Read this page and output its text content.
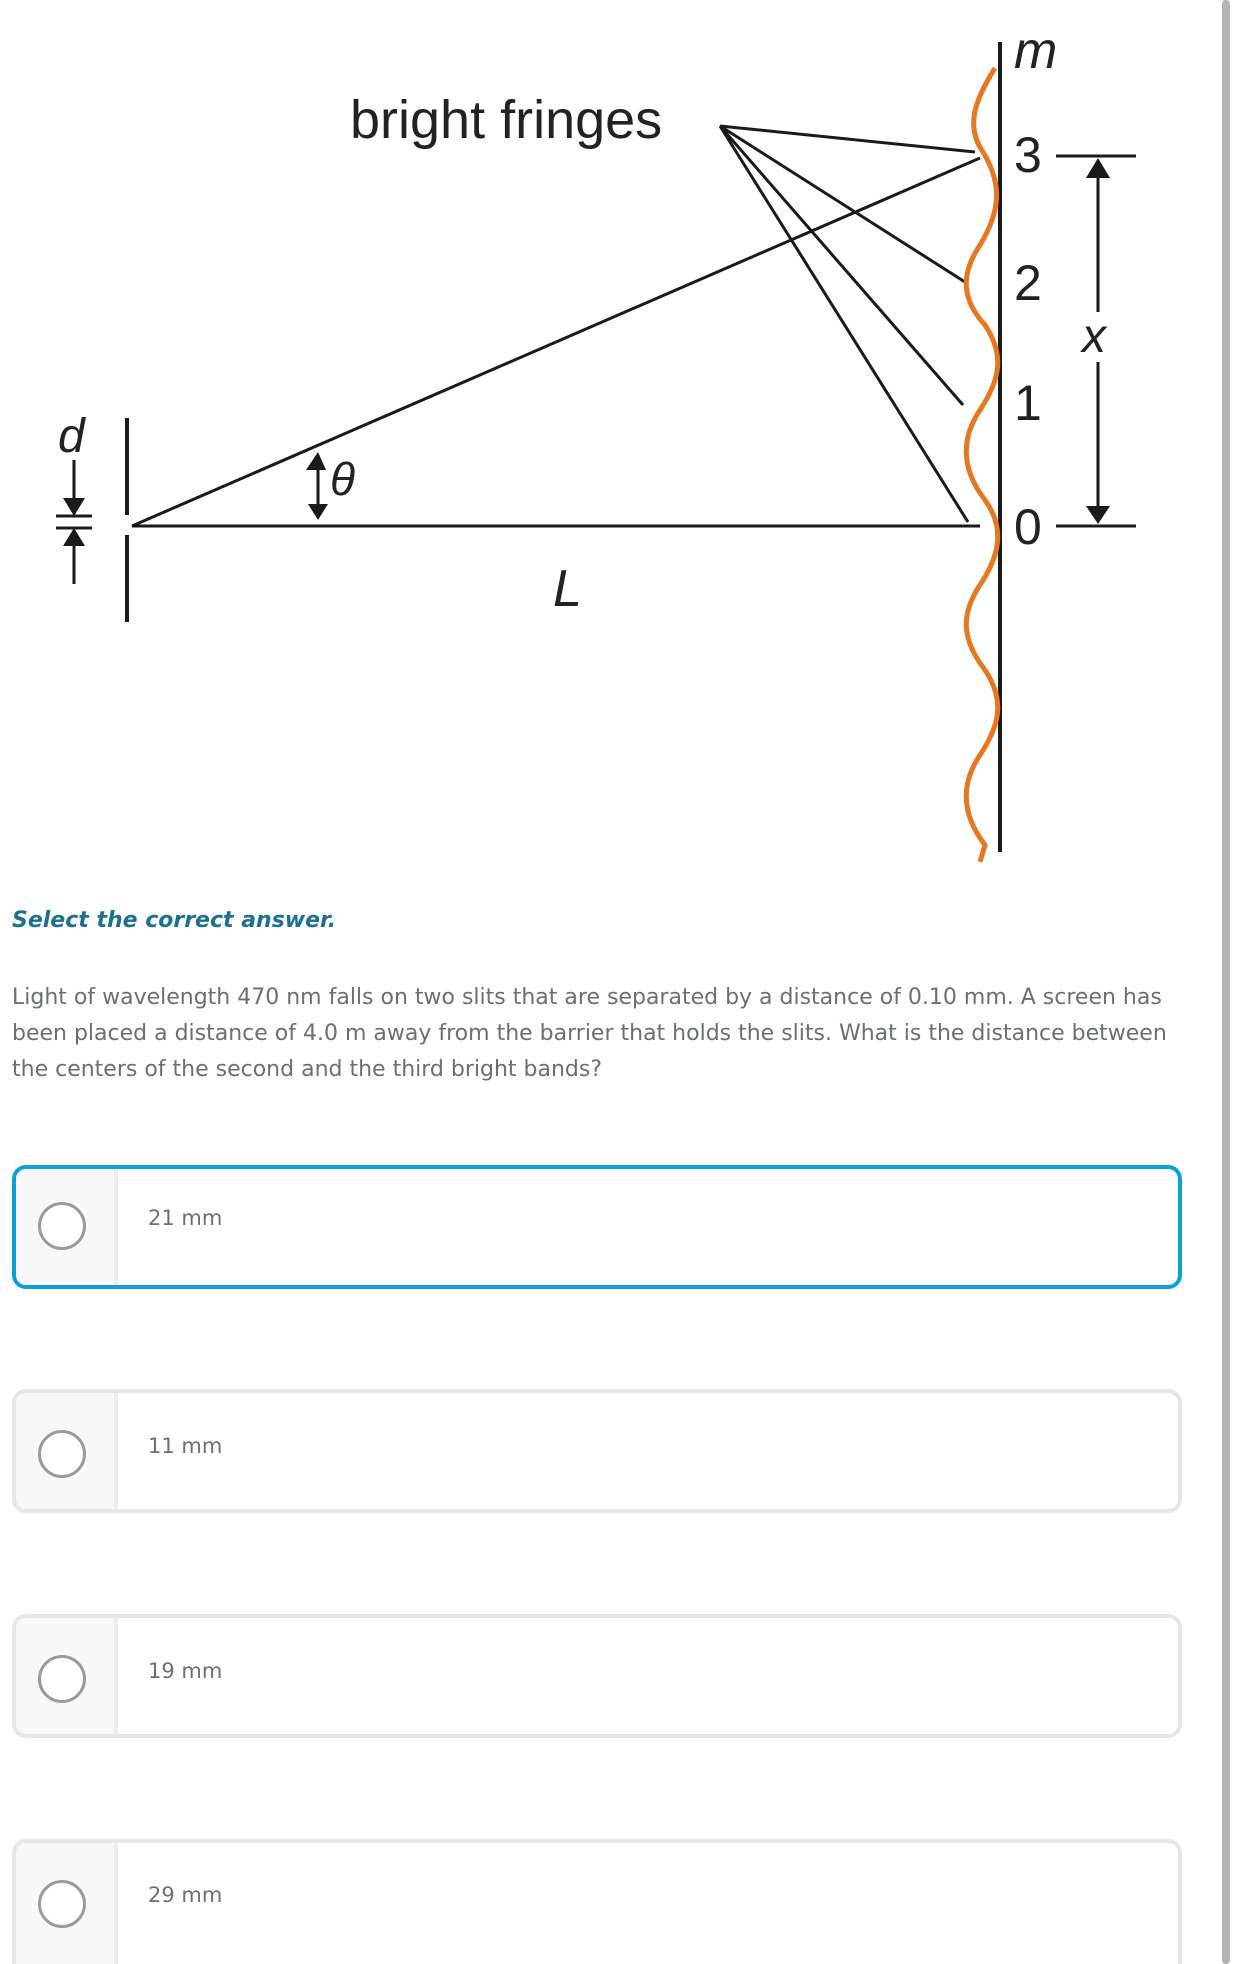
d
bright fringes
θ
L
m
3
2
1
0
x
Select the correct answer.
Light of wavelength 470 nm falls on two slits that are separated by a distance of 0.10 mm. A screen has been placed a distance of 4.0 m away from the barrier that holds the slits. What is the distance between the centers of the second and the third bright bands?
21 mm
11 mm
19 mm
29 mm
